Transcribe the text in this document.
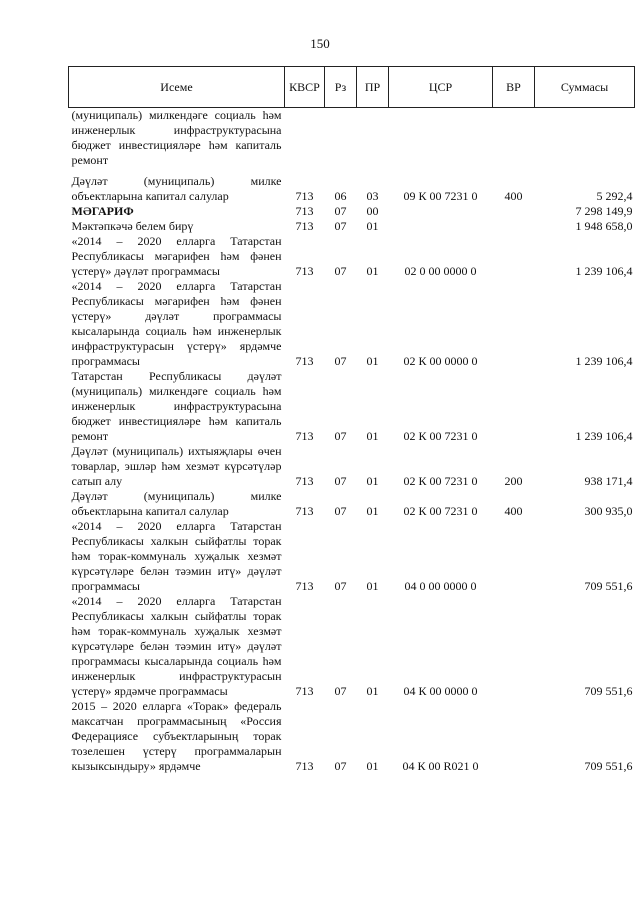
150
Исеме	КВСР	Рз	ПР	ЦСР	ВР	Суммасы
(муниципаль) милкендәге социаль һәм инженерлык инфраструктурасына бюджет инвестицияләре һәм капиталь ремонт						
Дәүләт (муниципаль) милке объектларына капитал салулар	713	06	03	09 К 00 7231 0	400	5 292,4
МӘГАРИФ	713	07	00			7 298 149,9
Мәктәпкәчә белем бирү	713	07	01			1 948 658,0
«2014 – 2020 елларга Татарстан Республикасы мәгарифен һәм фәнен үстерү» дәүләт программасы	713	07	01	02 0 00 0000 0		1 239 106,4
«2014 – 2020 елларга Татарстан Республикасы мәгарифен һәм фәнен үстерү» дәүләт программасы кысаларында социаль һәм инженерлык инфраструктурасын үстерү» ярдәмче программасы	713	07	01	02 К 00 0000 0		1 239 106,4
Татарстан Республикасы дәүләт (муниципаль) милкендәге социаль һәм инженерлык инфраструктурасына бюджет инвестицияләре һәм капиталь ремонт	713	07	01	02 К 00 7231 0		1 239 106,4
Дәүләт (муниципаль) ихтыяҗлары өчен товарлар, эшләр һәм хезмәт күрсәтүләр сатып алу	713	07	01	02 К 00 7231 0	200	938 171,4
Дәүләт (муниципаль) милке объектларына капитал салулар	713	07	01	02 К 00 7231 0	400	300 935,0
«2014 – 2020 елларга Татарстан Республикасы халкын сыйфатлы торак һәм торак-коммуналь хуҗалык хезмәт күрсәтүләре белән тәэмин итү» дәүләт программасы	713	07	01	04 0 00 0000 0		709 551,6
«2014 – 2020 елларга Татарстан Республикасы халкын сыйфатлы торак һәм торак-коммуналь хуҗалык хезмәт күрсәтүләре белән тәэмин итү» дәүләт программасы кысаларында социаль һәм инженерлык инфраструктурасын үстерү» ярдәмче программасы	713	07	01	04 К 00 0000 0		709 551,6
2015 – 2020 елларга «Торак» федераль максатчан программасының «Россия Федерациясе субъектларының торак тозелешен үстерү программаларын кызыксындыру» ярдәмче	713	07	01	04 К 00 R021 0		709 551,6
